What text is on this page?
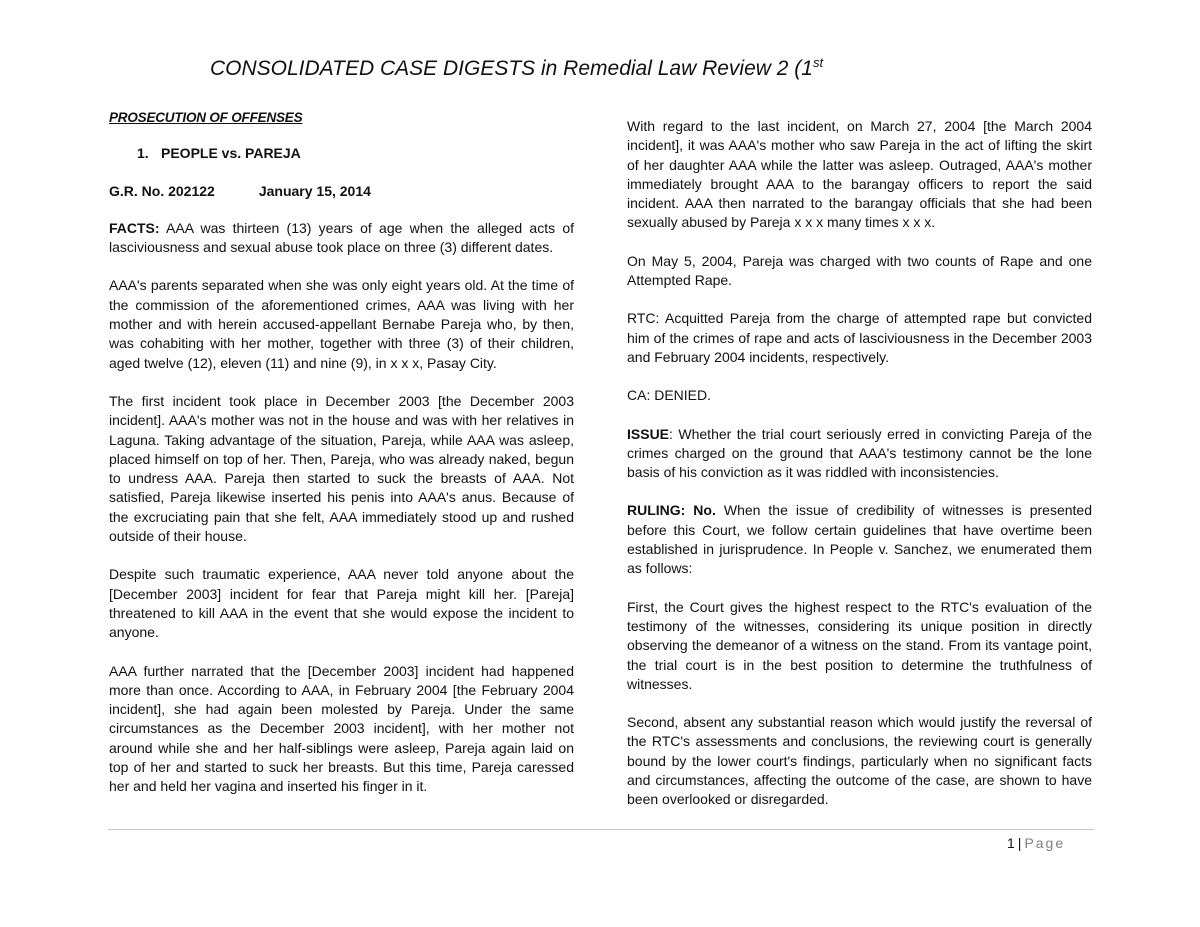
CONSOLIDATED CASE DIGESTS in Remedial Law Review 2 (1st
PROSECUTION OF OFFENSES
1. PEOPLE vs. PAREJA
G.R. No. 202122	January 15, 2014

FACTS: AAA was thirteen (13) years of age when the alleged acts of lasciviousness and sexual abuse took place on three (3) different dates.

AAA's parents separated when she was only eight years old. At the time of the commission of the aforementioned crimes, AAA was living with her mother and with herein accused-appellant Bernabe Pareja who, by then, was cohabiting with her mother, together with three (3) of their children, aged twelve (12), eleven (11) and nine (9), in x x x, Pasay City.

The first incident took place in December 2003 [the December 2003 incident]. AAA's mother was not in the house and was with her relatives in Laguna. Taking advantage of the situation, Pareja, while AAA was asleep, placed himself on top of her. Then, Pareja, who was already naked, begun to undress AAA. Pareja then started to suck the breasts of AAA. Not satisfied, Pareja likewise inserted his penis into AAA's anus. Because of the excruciating pain that she felt, AAA immediately stood up and rushed outside of their house.

Despite such traumatic experience, AAA never told anyone about the [December 2003] incident for fear that Pareja might kill her. [Pareja] threatened to kill AAA in the event that she would expose the incident to anyone.

AAA further narrated that the [December 2003] incident had happened more than once. According to AAA, in February 2004 [the February 2004 incident], she had again been molested by Pareja. Under the same circumstances as the December 2003 incident], with her mother not around while she and her half-siblings were asleep, Pareja again laid on top of her and started to suck her breasts. But this time, Pareja caressed her and held her vagina and inserted his finger in it.

With regard to the last incident, on March 27, 2004 [the March 2004 incident], it was AAA's mother who saw Pareja in the act of lifting the skirt of her daughter AAA while the latter was asleep. Outraged, AAA's mother immediately brought AAA to the barangay officers to report the said incident. AAA then narrated to the barangay officials that she had been sexually abused by Pareja x x x many times x x x.

On May 5, 2004, Pareja was charged with two counts of Rape and one Attempted Rape.

RTC: Acquitted Pareja from the charge of attempted rape but convicted him of the crimes of rape and acts of lasciviousness in the December 2003 and February 2004 incidents, respectively.

CA: DENIED.

ISSUE: Whether the trial court seriously erred in convicting Pareja of the crimes charged on the ground that AAA's testimony cannot be the lone basis of his conviction as it was riddled with inconsistencies.

RULING: No. When the issue of credibility of witnesses is presented before this Court, we follow certain guidelines that have overtime been established in jurisprudence. In People v. Sanchez, we enumerated them as follows:

First, the Court gives the highest respect to the RTC's evaluation of the testimony of the witnesses, considering its unique position in directly observing the demeanor of a witness on the stand. From its vantage point, the trial court is in the best position to determine the truthfulness of witnesses.

Second, absent any substantial reason which would justify the reversal of the RTC's assessments and conclusions, the reviewing court is generally bound by the lower court's findings, particularly when no significant facts and circumstances, affecting the outcome of the case, are shown to have been overlooked or disregarded.

1 | Page
